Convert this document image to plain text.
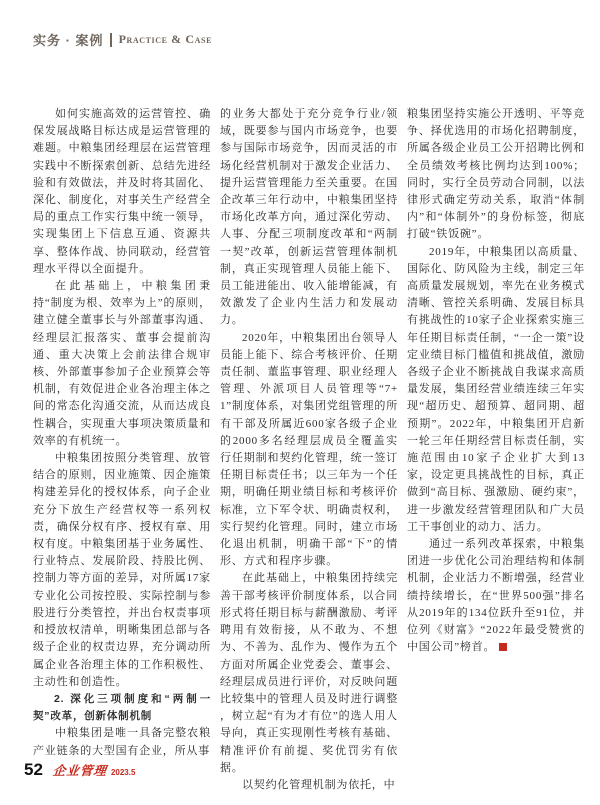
实务 · 案例 Practice & Case

如何实施高效的运营管控、确保发展战略目标达成是运营管理的难题。中粮集团经理层在运营管理实践中不断探索创新、总结先进经验和有效做法，并及时将其固化、深化、制度化，对事关生产经营全局的重点工作实行集中统一领导，实现集团上下信息互通、资源共享、整体作战、协同联动，经营管理水平得以全面提升。

在此基础上，中粮集团秉持“制度为根、效率为上”的原则，建立健全董事长与外部董事沟通、经理层汇报落实、董事会提前沟通、重大决策上会前法律合规审核、外部董事参加子企业预算会等机制，有效促进企业各治理主体之间的常态化沟通交流，从而达成良性耦合，实现重大事项决策质量和效率的有机统一。

中粮集团按照分类管理、放管结合的原则，因业施策、因企施策构建差异化的授权体系，向子企业充分下放生产经营权等一系列权责，确保分权有序、授权有章、用权有度。中粮集团基于业务属性、行业特点、发展阶段、持股比例、控制力等方面的差异，对所属17家专业化公司按控股、实际控制与参股进行分类管控，并出台权责事项和授放权清单，明晰集团总部与各级子企业的权责边界，充分调动所属企业各治理主体的工作积极性、主动性和创造性。

2. 深化三项制度和“两制一契”改革，创新体制机制

中粮集团是唯一具备完整农粮产业链条的大型国有企业，所从事

的业务大都处于充分竞争行业/领域，既要参与国内市场竞争，也要参与国际市场竞争，因而灵活的市场化经营机制对于激发企业活力、提升运营管理能力至关重要。在国企改革三年行动中，中粮集团坚持市场化改革方向，通过深化劳动、人事、分配三项制度改革和“两制一契”改革，创新运营管理体制机制，真正实现管理人员能上能下、员工能进能出、收入能增能减，有效激发了企业内生活力和发展动力。

2020年，中粮集团出台领导人员能上能下、综合考核评价、任期责任制、董监事管理、职业经理人管理、外派项目人员管理等“7+1”制度体系，对集团党组管理的所有干部及所属近600家各级子企业的2000多名经理层成员全覆盖实行任期制和契约化管理，统一签订任期目标责任书；以三年为一个任期，明确任期业绩目标和考核评价标准，立下军令状、明确责权利，实行契约化管理。同时，建立市场化退出机制，明确干部“下”的情形、方式和程序步骤。

在此基础上，中粮集团持续完善干部考核评价制度体系，以合同形式将任期目标与薪酬激励、考评聘用有效衔接，从不敢为、不想为、不善为、乱作为、慢作为五个方面对所属企业党委会、董事会、经理层成员进行评价，对反映问题比较集中的管理人员及时进行调整 ，树立起“有为才有位”的选人用人导向，真正实现刚性考核有基础、精准评价有前提、奖优罚劣有依据。

以契约化管理机制为依托，中

粮集团坚持实施公开透明、平等竞争、择优选用的市场化招聘制度，所属各级企业员工公开招聘比例和全员绩效考核比例均达到100%；同时，实行全员劳动合同制，以法律形式确定劳动关系，取消“体制内”和“体制外”的身份标签，彻底打破“铁饭碗”。

2019年，中粮集团以高质量、国际化、防风险为主线，制定三年高质量发展规划，率先在业务模式清晰、管控关系明确、发展目标具有挑战性的10家子企业探索实施三年任期目标责任制，“一企一策”设定业绩目标门槛值和挑战值，激励各级子企业不断挑战自我谋求高质量发展，集团经营业绩连续三年实现“超历史、超预算、超同期、超预期”。2022年，中粮集团开启新一轮三年任期经营目标责任制，实施范围由10家子企业扩大到13家，设定更具挑战性的目标，真正做到“高目标、强激励、硬约束”，进一步激发经营管理团队和广大员工干事创业的动力、活力。

通过一系列改革探索，中粮集团进一步优化公司治理结构和体制机制，企业活力不断增强，经营业绩持续增长，在“世界500强”排名从2019年的134位跃升至91位，并位列《财富》“2022年最受赞赏的中国公司”榜首。

52 企业管理 2023.5
